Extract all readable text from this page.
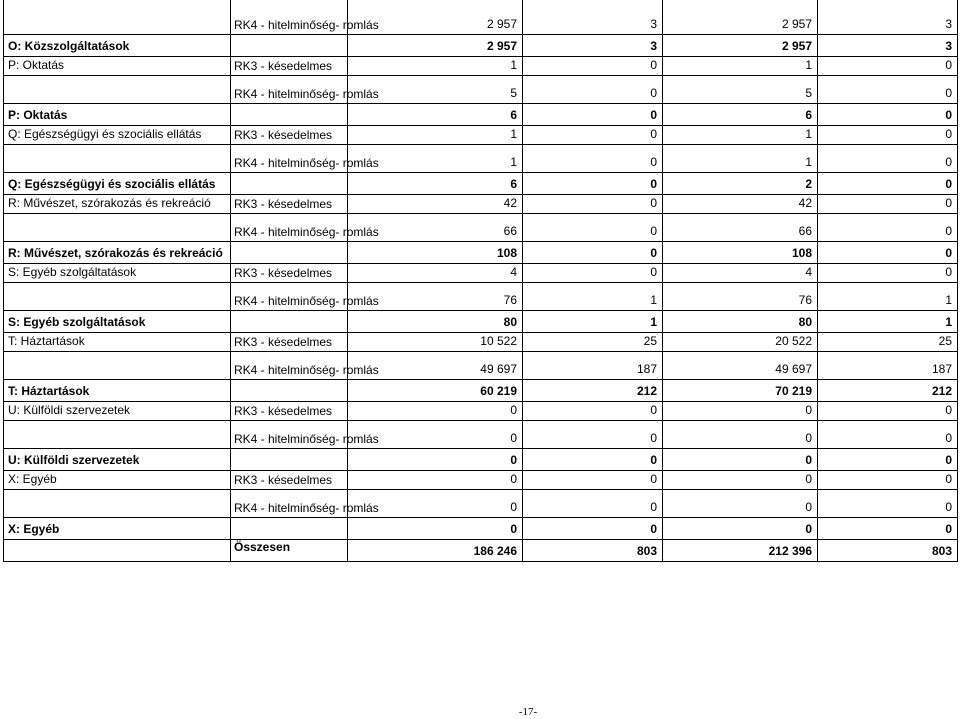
	RK4 - hitelminőség- romlás	2 957	3	2 957	3
O: Közszolgáltatások		2 957	3	2 957	3
P: Oktatás	RK3 - késedelmes	1	0	1	0
	RK4 - hitelminőség- romlás	5	0	5	0
P: Oktatás		6	0	6	0
Q: Egészségügyi és szociális ellátás	RK3 - késedelmes	1	0	1	0
	RK4 - hitelminőség- romlás	1	0	1	0
Q: Egészségügyi és szociális ellátás		6	0	2	0
R: Művészet, szórakozás és rekreáció	RK3 - késedelmes	42	0	42	0
	RK4 - hitelminőség- romlás	66	0	66	0
R: Művészet, szórakozás és rekreáció		108	0	108	0
S: Egyéb szolgáltatások	RK3 - késedelmes	4	0	4	0
	RK4 - hitelminőség- romlás	76	1	76	1
S: Egyéb szolgáltatások		80	1	80	1
T: Háztartások	RK3 - késedelmes	10 522	25	20 522	25
	RK4 - hitelminőség- romlás	49 697	187	49 697	187
T: Háztartások		60 219	212	70 219	212
U: Külföldi szervezetek	RK3 - késedelmes	0	0	0	0
	RK4 - hitelminőség- romlás	0	0	0	0
U: Külföldi szervezetek		0	0	0	0
X: Egyéb	RK3 - késedelmes	0	0	0	0
	RK4 - hitelminőség- romlás	0	0	0	0
X: Egyéb		0	0	0	0
	Összesen	186 246	803	212 396	803
-17-
